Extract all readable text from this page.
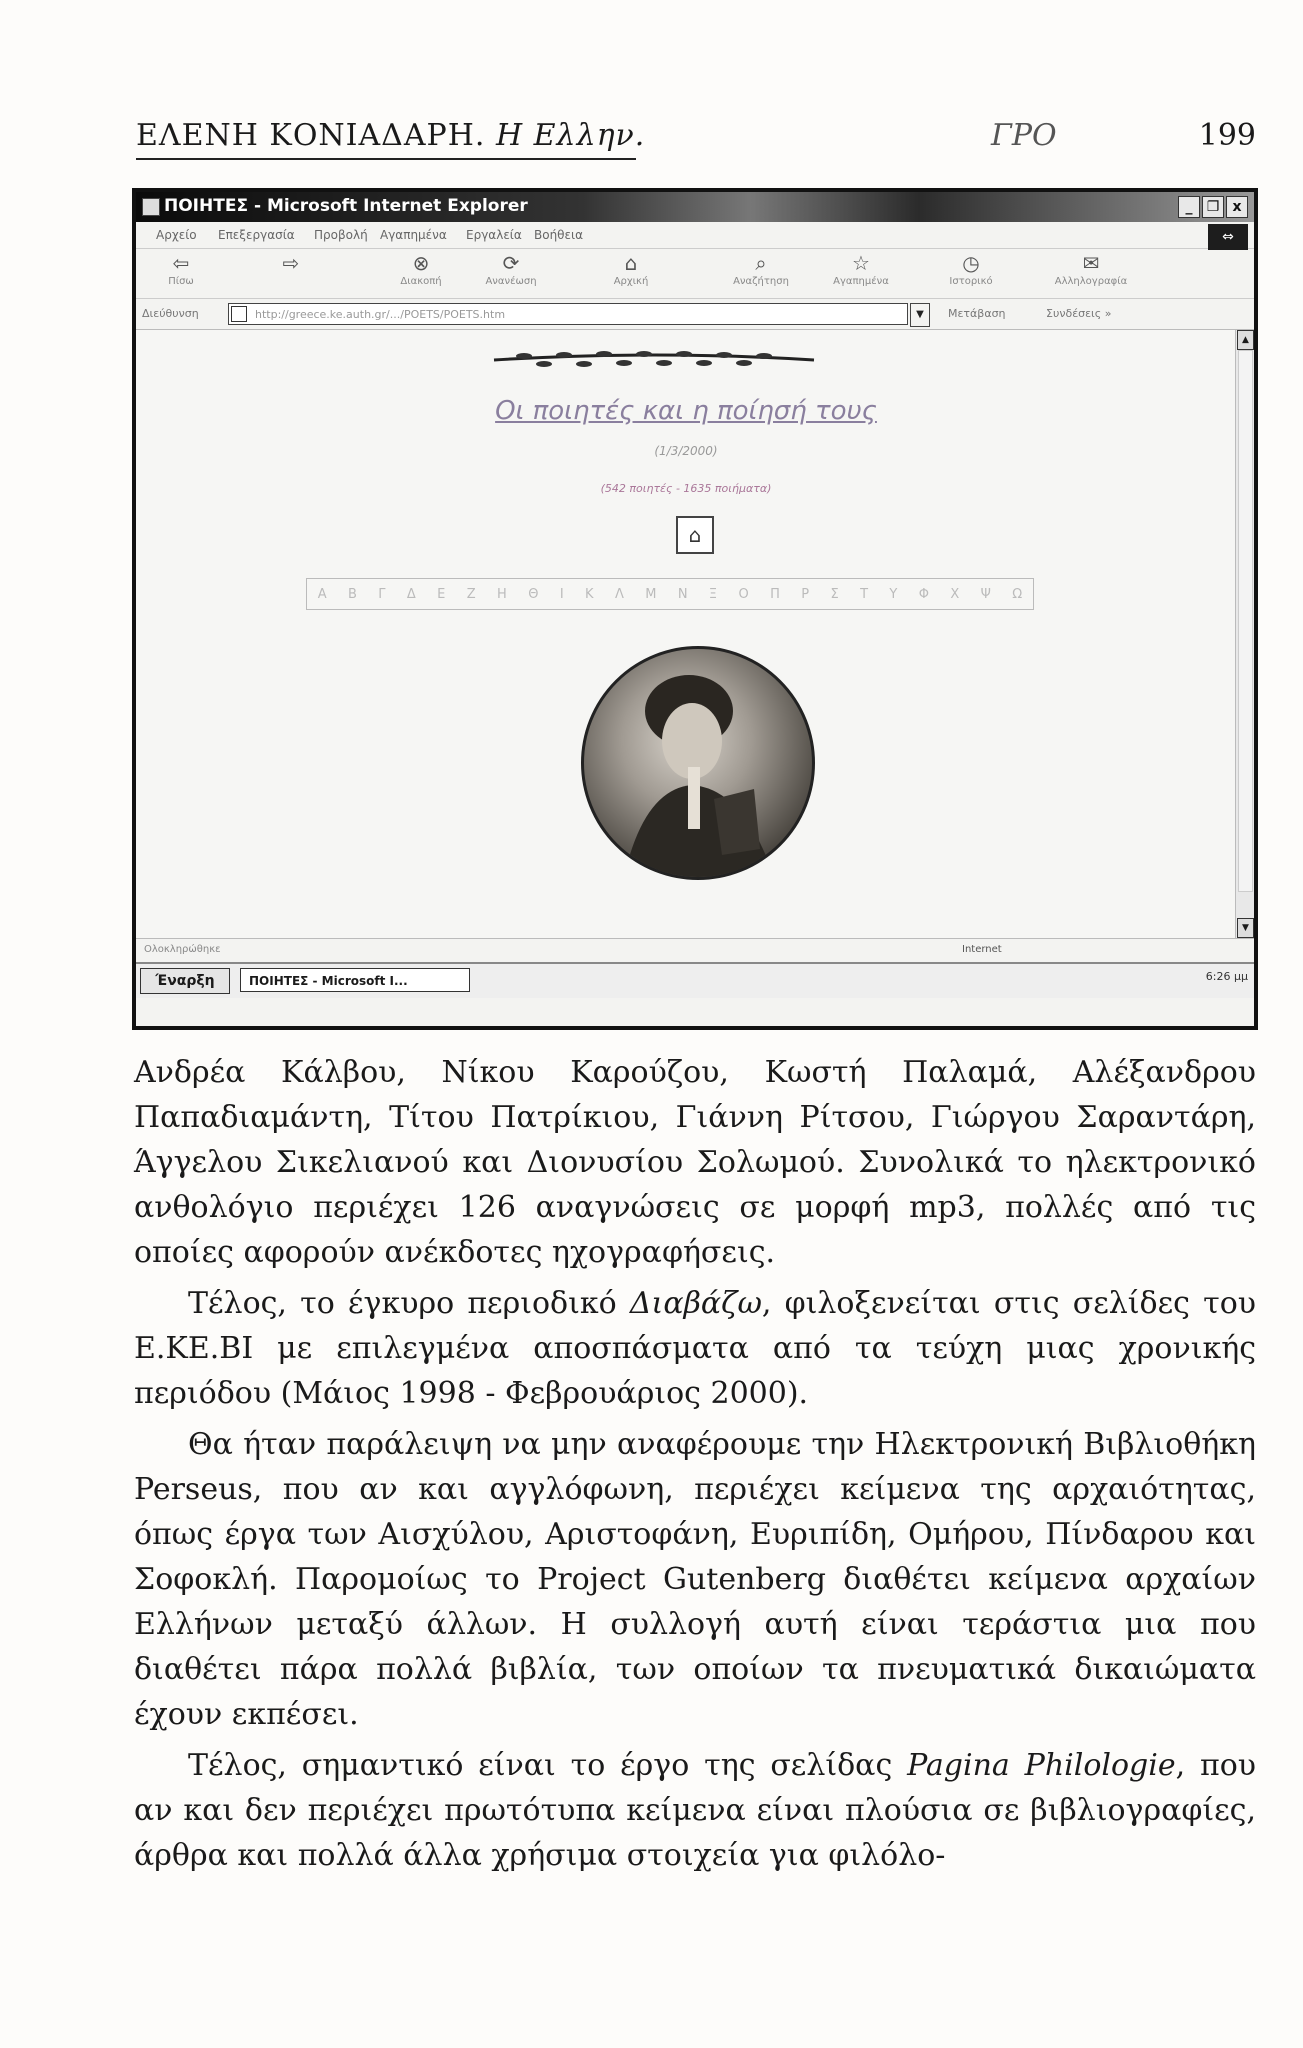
ΕΛΕΝΗ ΚΟΝΙΑΔΑΡΗ. Η Ελλην.	ΓΡΟ	199
ΠΟΙΗΤΕΣ - Microsoft Internet Explorer	_	❐ x
Αρχείο Επεξεργασία Προβολή Αγαπημένα Εργαλεία Βοήθεια	⇔
⇦
Πίσω
⇨	⊗
Διακοπή
⟳
Ανανέωση
⌂
Αρχική
⌕
Αναζήτηση
☆
Αγαπημένα
◷
Ιστορικό
✉
Αλληλογραφία
Διεύθυνση	http://greece.ke.auth.gr/.../POETS/POETS.htm	▼	Μετάβαση	Συνδέσεις »
Οι ποιητές και η ποίησή τους
(1/3/2000)
(542 ποιητές - 1635 ποιήματα)
⌂
Α Β Γ Δ Ε Ζ Η Θ Ι Κ Λ Μ Ν Ξ Ο Π Ρ Σ Τ Υ Φ Χ Ψ Ω
▲
▼
Ολοκληρώθηκε	Internet
Έναρξη	ΠΟΙΗΤΕΣ - Microsoft I...	6:26 μμ

Ανδρέα Κάλβου, Νίκου Καρούζου, Κωστή Παλαμά, Αλέξανδρου Παπαδιαμάντη, Τίτου Πατρίκιου, Γιάννη Ρίτσου, Γιώργου Σαραντάρη, Άγγελου Σικελιανού και Διονυσίου Σολωμού. Συνολικά το ηλεκτρονικό ανθολόγιο περιέχει 126 αναγνώσεις σε μορφή mp3, πολλές από τις οποίες αφορούν ανέκδοτες ηχογραφήσεις.

Τέλος, το έγκυρο περιοδικό Διαβάζω, φιλοξενείται στις σελίδες του Ε.ΚΕ.ΒΙ με επιλεγμένα αποσπάσματα από τα τεύχη μιας χρονικής περιόδου (Μάιος 1998 - Φεβρουάριος 2000).

Θα ήταν παράλειψη να μην αναφέρουμε την Ηλεκτρονική Βιβλιοθήκη Perseus, που αν και αγγλόφωνη, περιέχει κείμενα της αρχαιότητας, όπως έργα των Αισχύλου, Αριστοφάνη, Ευριπίδη, Ομήρου, Πίνδαρου και Σοφοκλή. Παρομοίως το Project Gutenberg διαθέτει κείμενα αρχαίων Ελλήνων μεταξύ άλλων. Η συλλογή αυτή είναι τεράστια μια που διαθέτει πάρα πολλά βιβλία, των οποίων τα πνευματικά δικαιώματα έχουν εκπέσει.

Τέλος, σημαντικό είναι το έργο της σελίδας Pagina Philologie, που αν και δεν περιέχει πρωτότυπα κείμενα είναι πλούσια σε βιβλιογραφίες, άρθρα και πολλά άλλα χρήσιμα στοιχεία για φιλόλο-
